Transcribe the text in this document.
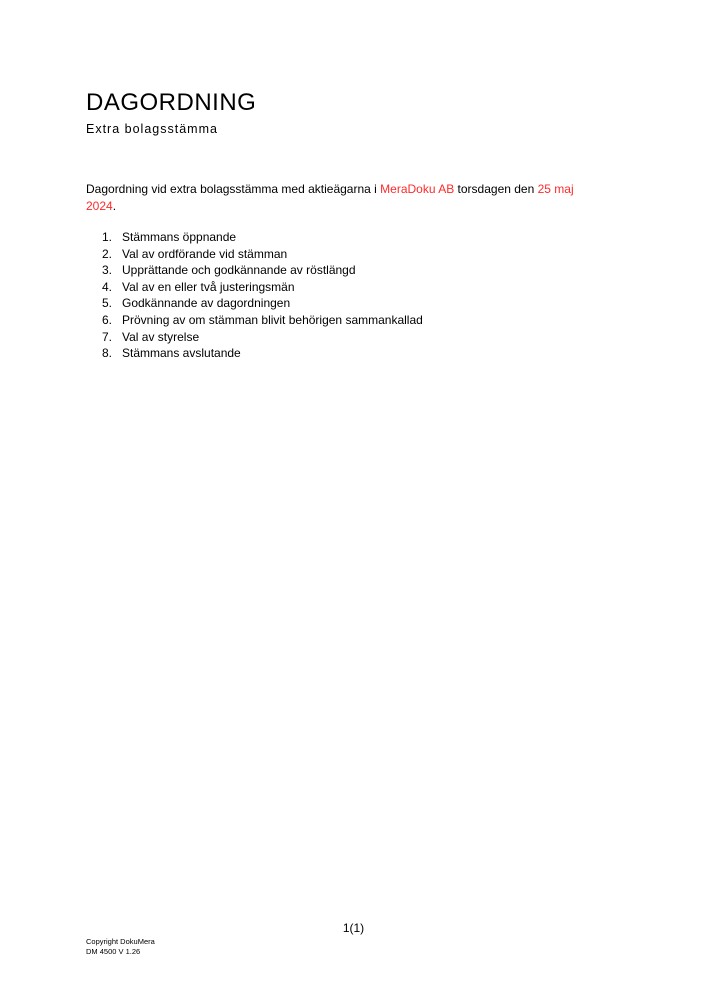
DAGORDNING
Extra bolagsstämma

Dagordning vid extra bolagsstämma med aktieägarna i MeraDoku AB torsdagen den 25 maj
2024.

1. Stämmans öppnande
2. Val av ordförande vid stämman
3. Upprättande och godkännande av röstlängd
4. Val av en eller två justeringsmän
5. Godkännande av dagordningen
6. Prövning av om stämman blivit behörigen sammankallad
7. Val av styrelse
8. Stämmans avslutande
1(1)
Copyright DokuMera
DM 4500 V 1.26
